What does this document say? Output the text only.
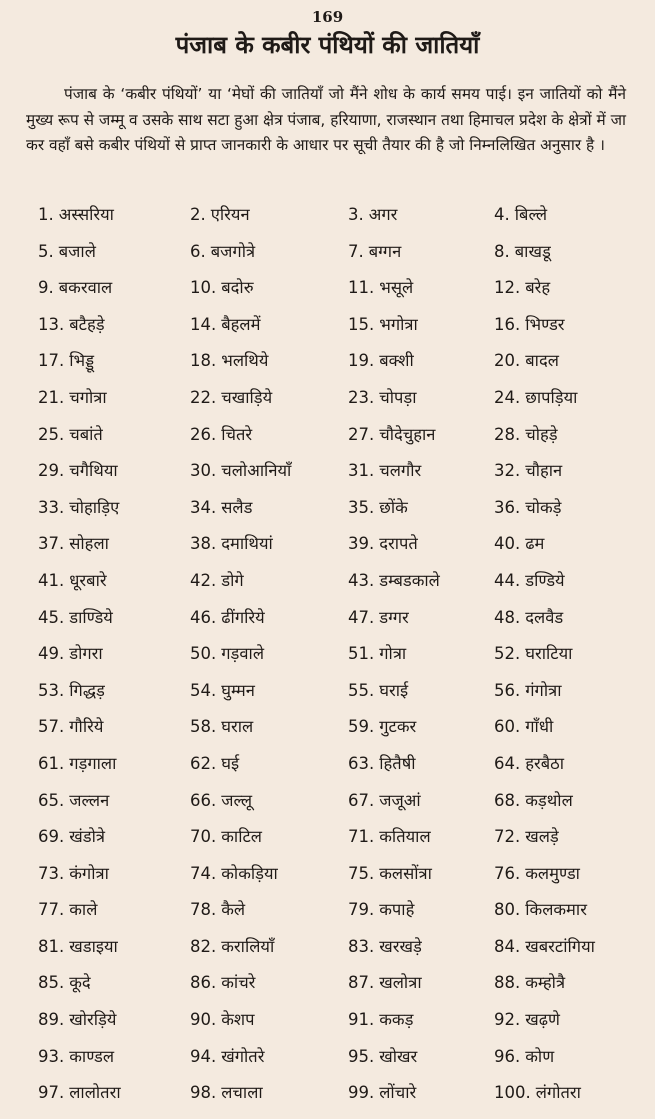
169
पंजाब के कबीर पंथियों की जातियाँ

पंजाब के ‘कबीर पंथियों’ या ‘मेघों की जातियाँ जो मैंने शोध के कार्य समय पाई। इन जातियों को मैंने मुख्य रूप से जम्मू व उसके साथ सटा हुआ क्षेत्र पंजाब, हरियाणा, राजस्थान तथा हिमाचल प्रदेश के क्षेत्रों में जा कर वहाँ बसे कबीर पंथियों से प्राप्त जानकारी के आधार पर सूची तैयार की है जो निम्नलिखित अनुसार है ।

1. अस्सरिया	2. एरियन	3. अगर	4. बिल्ले
5. बजाले	6. बजगोत्रे	7. बग्गन	8. बाखडू
9. बकरवाल	10. बदोरु	11. भसूले	12. बरेह
13. बटैहड़े	14. बैहलमें	15. भगोत्रा	16. भिण्डर
17. भिड्डू	18. भलथिये	19. बक्शी	20. बादल
21. चगोत्रा	22. चखाड़िये	23. चोपड़ा	24. छापड़िया
25. चबांते	26. चितरे	27. चौदेचुहान	28. चोहड़े
29. चगैथिया	30. चलोआनियाँ	31. चलगौर	32. चौहान
33. चोहाड़िए	34. सलैड	35. छोंके	36. चोकड़े
37. सोहला	38. दमाथियां	39. दरापते	40. ढम
41. धूरबारे	42. डोगे	43. डम्बडकाले	44. डण्डिये
45. डाण्डिये	46. ढींगरिये	47. डग्गर	48. दलवैड
49. डोगरा	50. गड़वाले	51. गोत्रा	52. घराटिया
53. गिद्धड़	54. घुम्मन	55. घराई	56. गंगोत्रा
57. गौरिये	58. घराल	59. गुटकर	60. गाँधी
61. गड़गाला	62. घई	63. हितैषी	64. हरबैठा
65. जल्लन	66. जल्लू	67. जजूआं	68. कड़थोल
69. खंडोत्रे	70. काटिल	71. कतियाल	72. खलड़े
73. कंगोत्रा	74. कोकड़िया	75. कलसोंत्रा	76. कलमुण्डा
77. काले	78. कैले	79. कपाहे	80. किलकमार
81. खडाइया	82. करालियाँ	83. खरखड़े	84. खबरटांगिया
85. कूदे	86. कांचरे	87. खलोत्रा	88. कम्होत्रै
89. खोरड़िये	90. केशप	91. ककड़	92. खढ़णे
93. काण्डल	94. खंगोतरे	95. खोखर	96. कोण
97. लालोतरा	98. लचाला	99. लोंचारे	100. लंगोतरा
